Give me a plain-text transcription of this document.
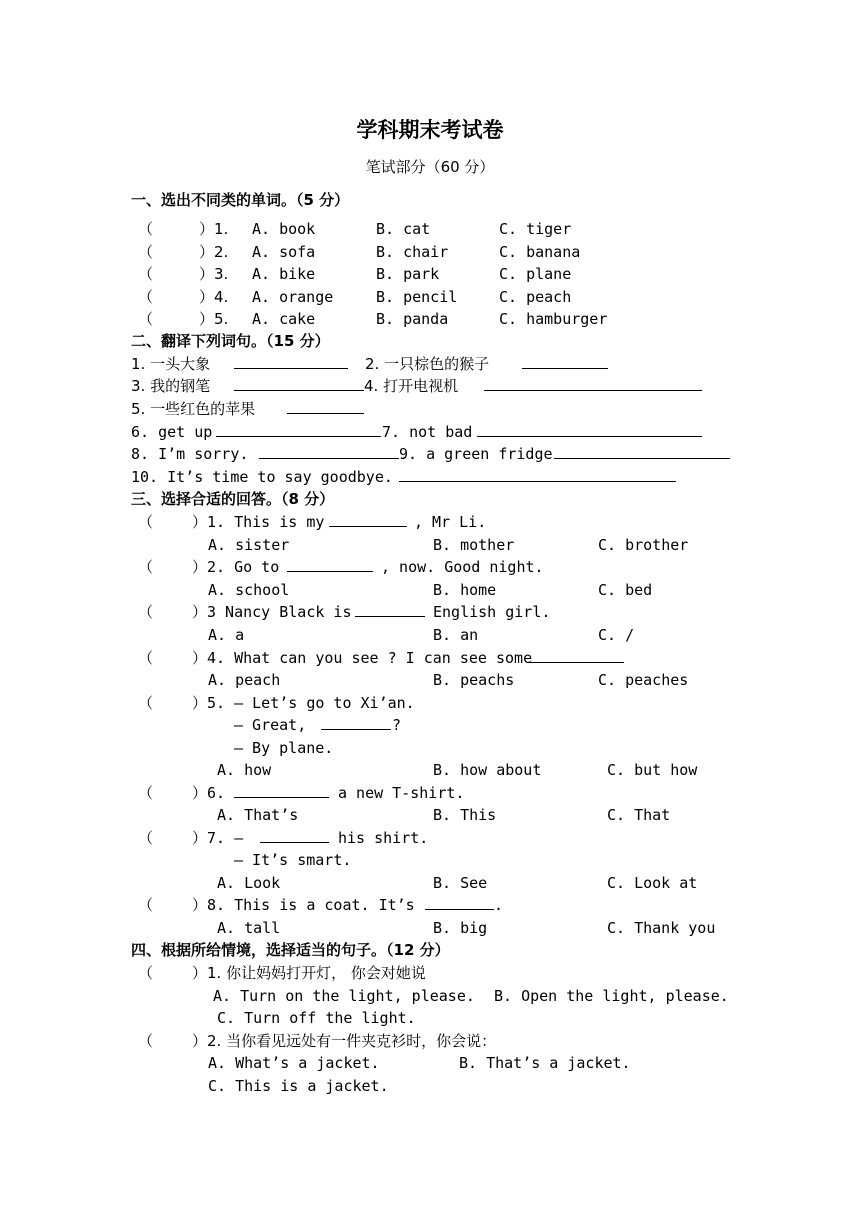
学科期末考试卷
笔试部分（60 分）
一、选出不同类的单词。（5 分）
（	）1. A. book	B. cat	C. tiger
（	）2. A. sofa	B. chair	C. banana
（	）3. A. bike	B. park	C. plane
（	）4. A. orange	B. pencil	C. peach
（	）5. A. cake	B. panda	C. hamburger
二、翻译下列词句。（15 分）
1. 一头大象	2. 一只棕色的猴子
3. 我的钢笔	4. 打开电视机
5. 一些红色的苹果
6. get up	7. not bad
8. I’m sorry.	9. a green fridge
10. It’s time to say goodbye.
三、选择合适的回答。（8 分）
（	）1. This is my	, Mr Li.
A. sister	B. mother	C. brother
（	）2. Go to	, now. Good night.
A. school	B. home	C. bed
（	）3 Nancy Black is	English girl.
A. a	B. an	C. /
（	）4. What can you see ? I can see some
A. peach	B. peachs	C. peaches
（	）5. — Let’s go to Xi’an.
— Great,	?
— By plane.
A. how	B. how about	C. but how
（	）6.	a new T-shirt.
A. That’s	B. This	C. That
（	）7. —	his shirt.
— It’s smart.
A. Look	B. See	C. Look at
（	）8. This is a coat. It’s	.
A. tall	B. big	C. Thank you
四、根据所给情境，选择适当的句子。（12 分）
（	）1. 你让妈妈打开灯， 你会对她说
A. Turn on the light, please. B. Open the light, please.
C. Turn off the light.
（	）2. 当你看见远处有一件夹克衫时，你会说：
A. What’s a jacket.	B. That’s a jacket.
C. This is a jacket.
